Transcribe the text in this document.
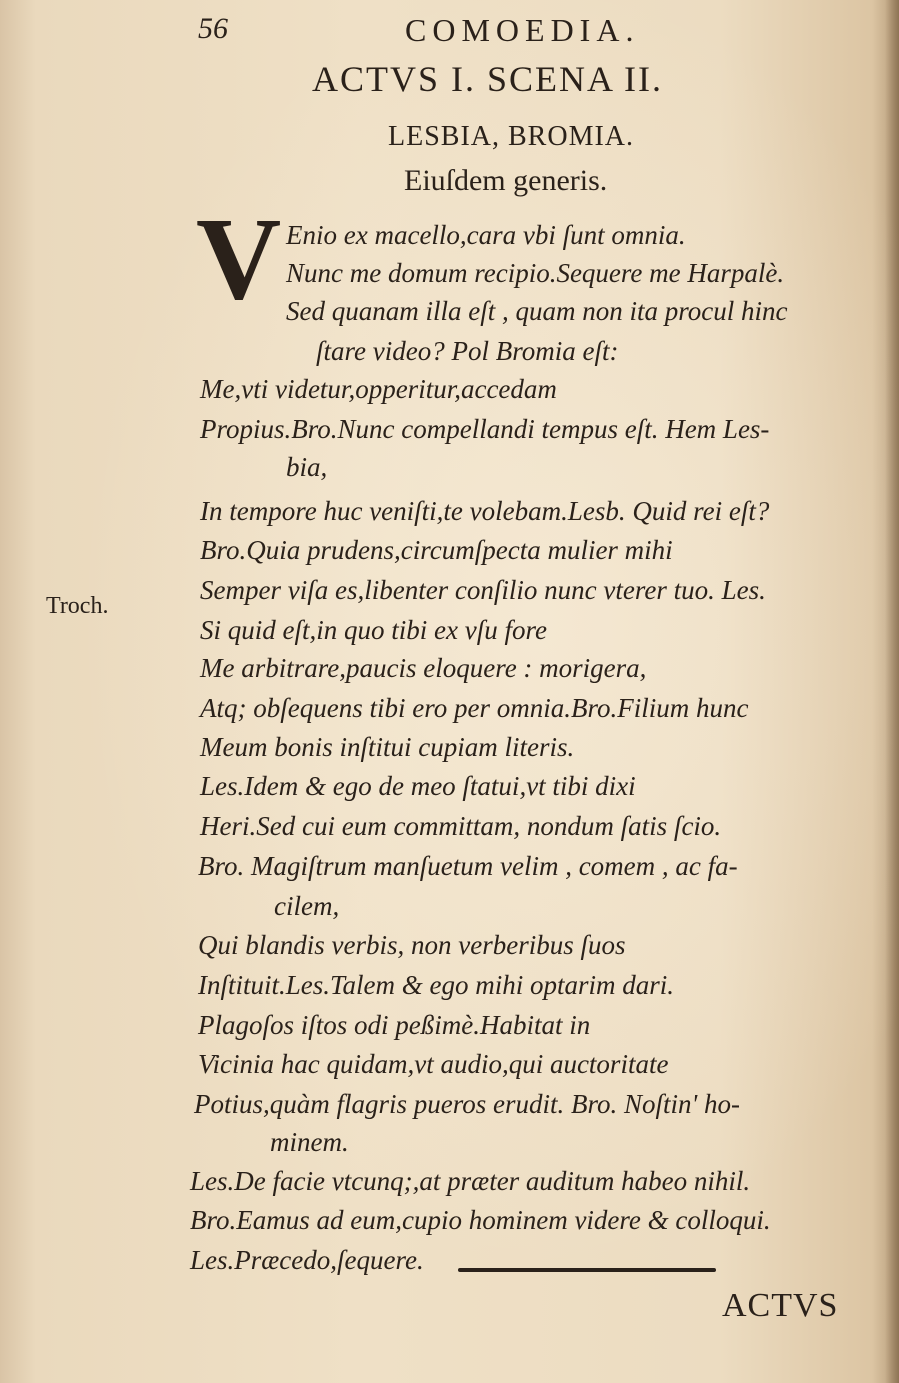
56	COMOEDIA.
ACTVS I. SCENA II.
LESBIA, BROMIA.
Eiuſdem generis.
V
Troch.
Enio ex macello,cara vbi ſunt omnia.
Nunc me domum recipio.Sequere me Harpalè.
Sed quanam illa eſt , quam non ita procul hinc
ſtare video? Pol Bromia eſt:
Me,vti videtur,opperitur,accedam
Propius.Bro.Nunc compellandi tempus eſt. Hem Les-
bia,
In tempore huc veniſti,te volebam.Lesb. Quid rei eſt?
Bro.Quia prudens,circumſpecta mulier mihi
Semper viſa es,libenter conſilio nunc vterer tuo. Les.
Si quid eſt,in quo tibi ex vſu fore
Me arbitrare,paucis eloquere : morigera,
Atq; obſequens tibi ero per omnia.Bro.Filium hunc
Meum bonis inſtitui cupiam literis.
Les.Idem & ego de meo ſtatui,vt tibi dixi
Heri.Sed cui eum committam, nondum ſatis ſcio.
Bro. Magiſtrum manſuetum velim , comem , ac fa-
cilem,
Qui blandis verbis, non verberibus ſuos
Inſtituit.Les.Talem & ego mihi optarim dari.
Plagoſos iſtos odi peßimè.Habitat in
Vicinia hac quidam,vt audio,qui auctoritate
Potius,quàm flagris pueros erudit. Bro. Noſtin' ho-
minem.
Les.De facie vtcunq;,at præter auditum habeo nihil.
Bro.Eamus ad eum,cupio hominem videre & colloqui.
Les.Præcedo,ſequere.
ACTVS
